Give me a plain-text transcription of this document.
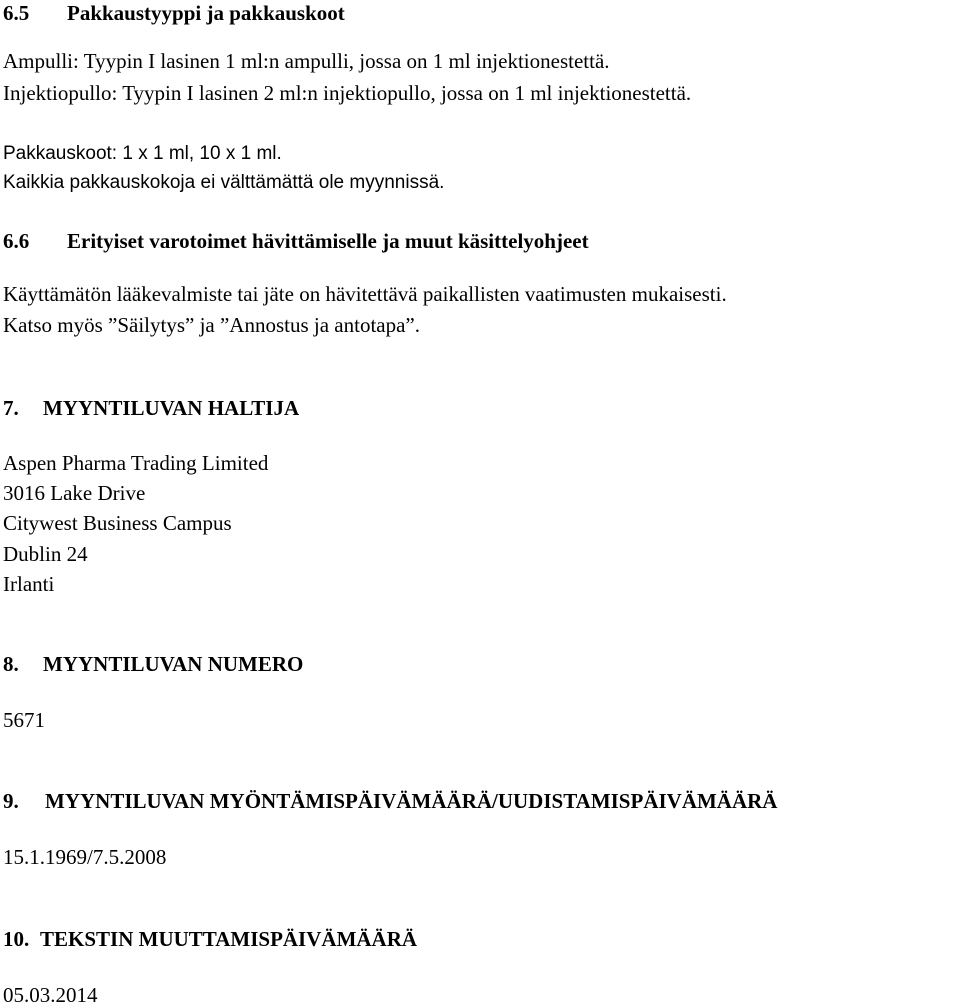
6.5 Pakkaustyyppi ja pakkauskoot
Ampulli: Tyypin I lasinen 1 ml:n ampulli, jossa on 1 ml injektionestettä.
Injektiopullo: Tyypin I lasinen 2 ml:n injektiopullo, jossa on 1 ml injektionestettä.
Pakkauskoot: 1 x 1 ml, 10 x 1 ml.
Kaikkia pakkauskokoja ei välttämättä ole myynnissä.
6.6 Erityiset varotoimet hävittämiselle ja muut käsittelyohjeet
Käyttämätön lääkevalmiste tai jäte on hävitettävä paikallisten vaatimusten mukaisesti.
Katso myös ”Säilytys” ja ”Annostus ja antotapa”.
7. MYYNTILUVAN HALTIJA
Aspen Pharma Trading Limited
3016 Lake Drive
Citywest Business Campus
Dublin 24
Irlanti
8. MYYNTILUVAN NUMERO
5671
9. MYYNTILUVAN MYÖNTÄMISPÄIVÄMÄÄRÄ/UUDISTAMISPÄIVÄMÄÄRÄ
15.1.1969/7.5.2008
10. TEKSTIN MUUTTAMISPÄIVÄMÄÄRÄ
05.03.2014
